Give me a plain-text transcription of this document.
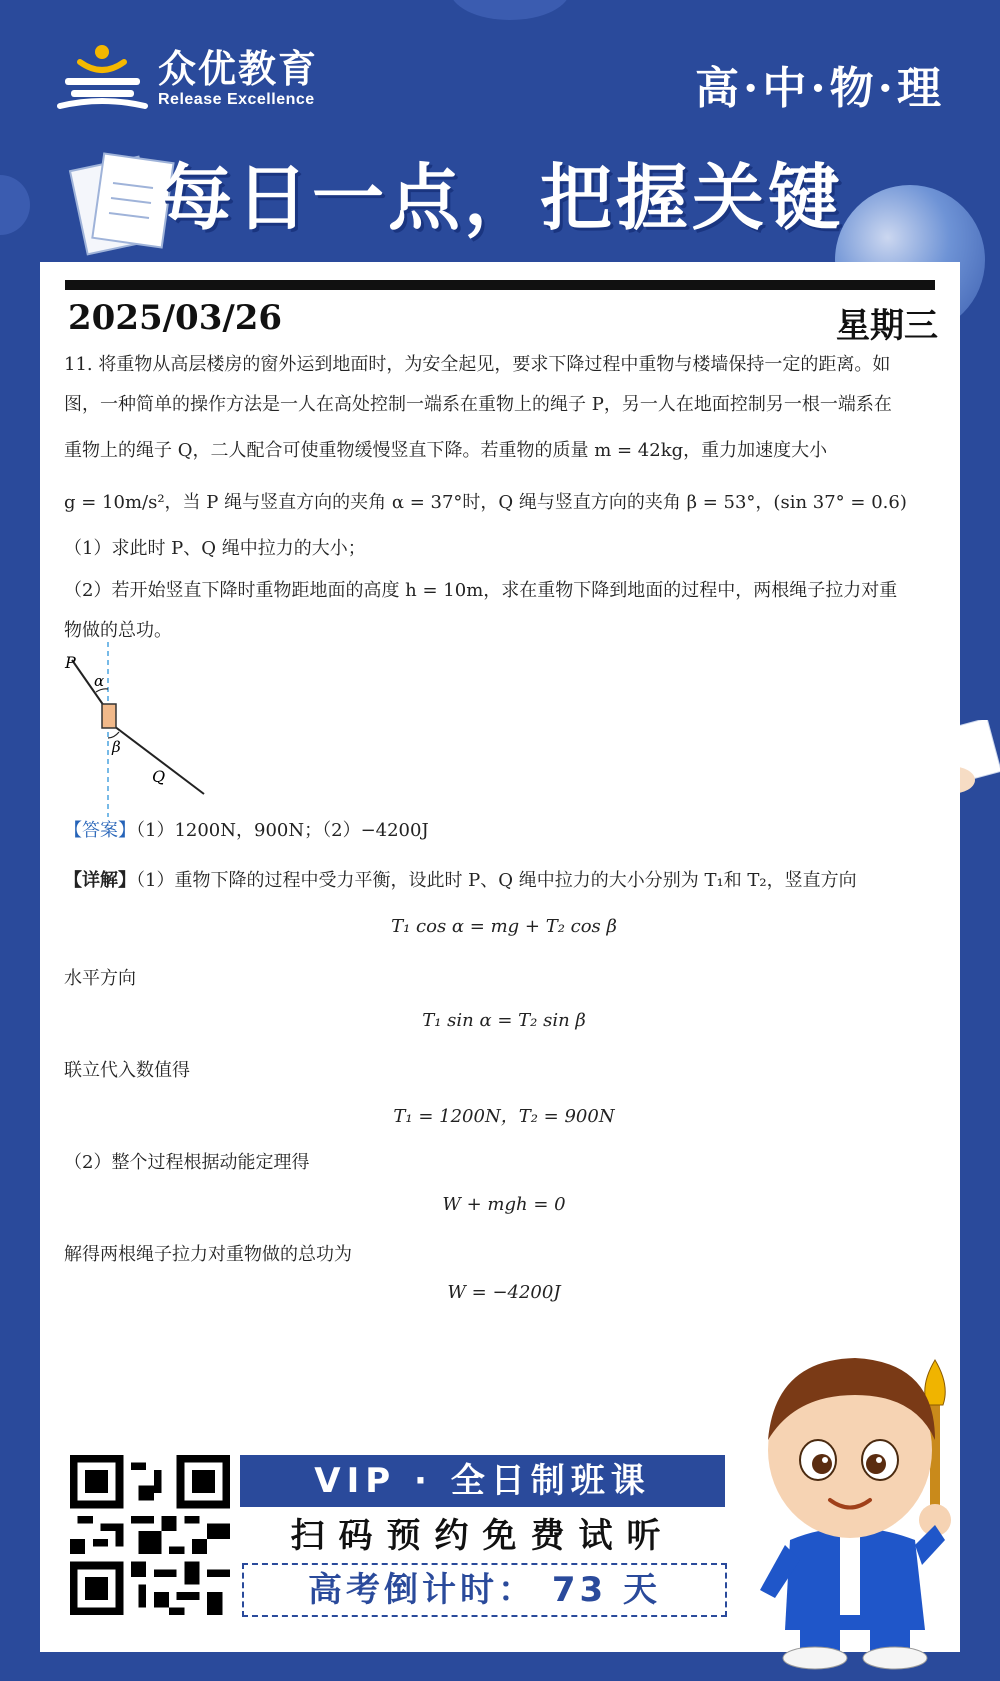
众优教育
Release Excellence	高·中·物·理
每日一点，把握关键
2025/03/26	星期三
11. 将重物从高层楼房的窗外运到地面时，为安全起见，要求下降过程中重物与楼墙保持一定的距离。如
图，一种简单的操作方法是一人在高处控制一端系在重物上的绳子 P，另一人在地面控制另一根一端系在
重物上的绳子 Q，二人配合可使重物缓慢竖直下降。若重物的质量 m = 42kg，重力加速度大小
g = 10m/s²，当 P 绳与竖直方向的夹角 α = 37°时，Q 绳与竖直方向的夹角 β = 53°，(sin 37° = 0.6)
（1）求此时 P、Q 绳中拉力的大小；
（2）若开始竖直下降时重物距地面的高度 h = 10m，求在重物下降到地面的过程中，两根绳子拉力对重
物做的总功。
【答案】（1）1200N，900N；（2）−4200J
【详解】（1）重物下降的过程中受力平衡，设此时 P、Q 绳中拉力的大小分别为 T₁和 T₂，竖直方向
T₁ cos α = mg + T₂ cos β
水平方向
T₁ sin α = T₂ sin β
联立代入数值得
T₁ = 1200N，T₂ = 900N
（2）整个过程根据动能定理得
W + mgh = 0
解得两根绳子拉力对重物做的总功为
W = −4200J
P
α
β
Q
VIP · 全日制班课
扫码预约免费试听
高考倒计时： 73 天
